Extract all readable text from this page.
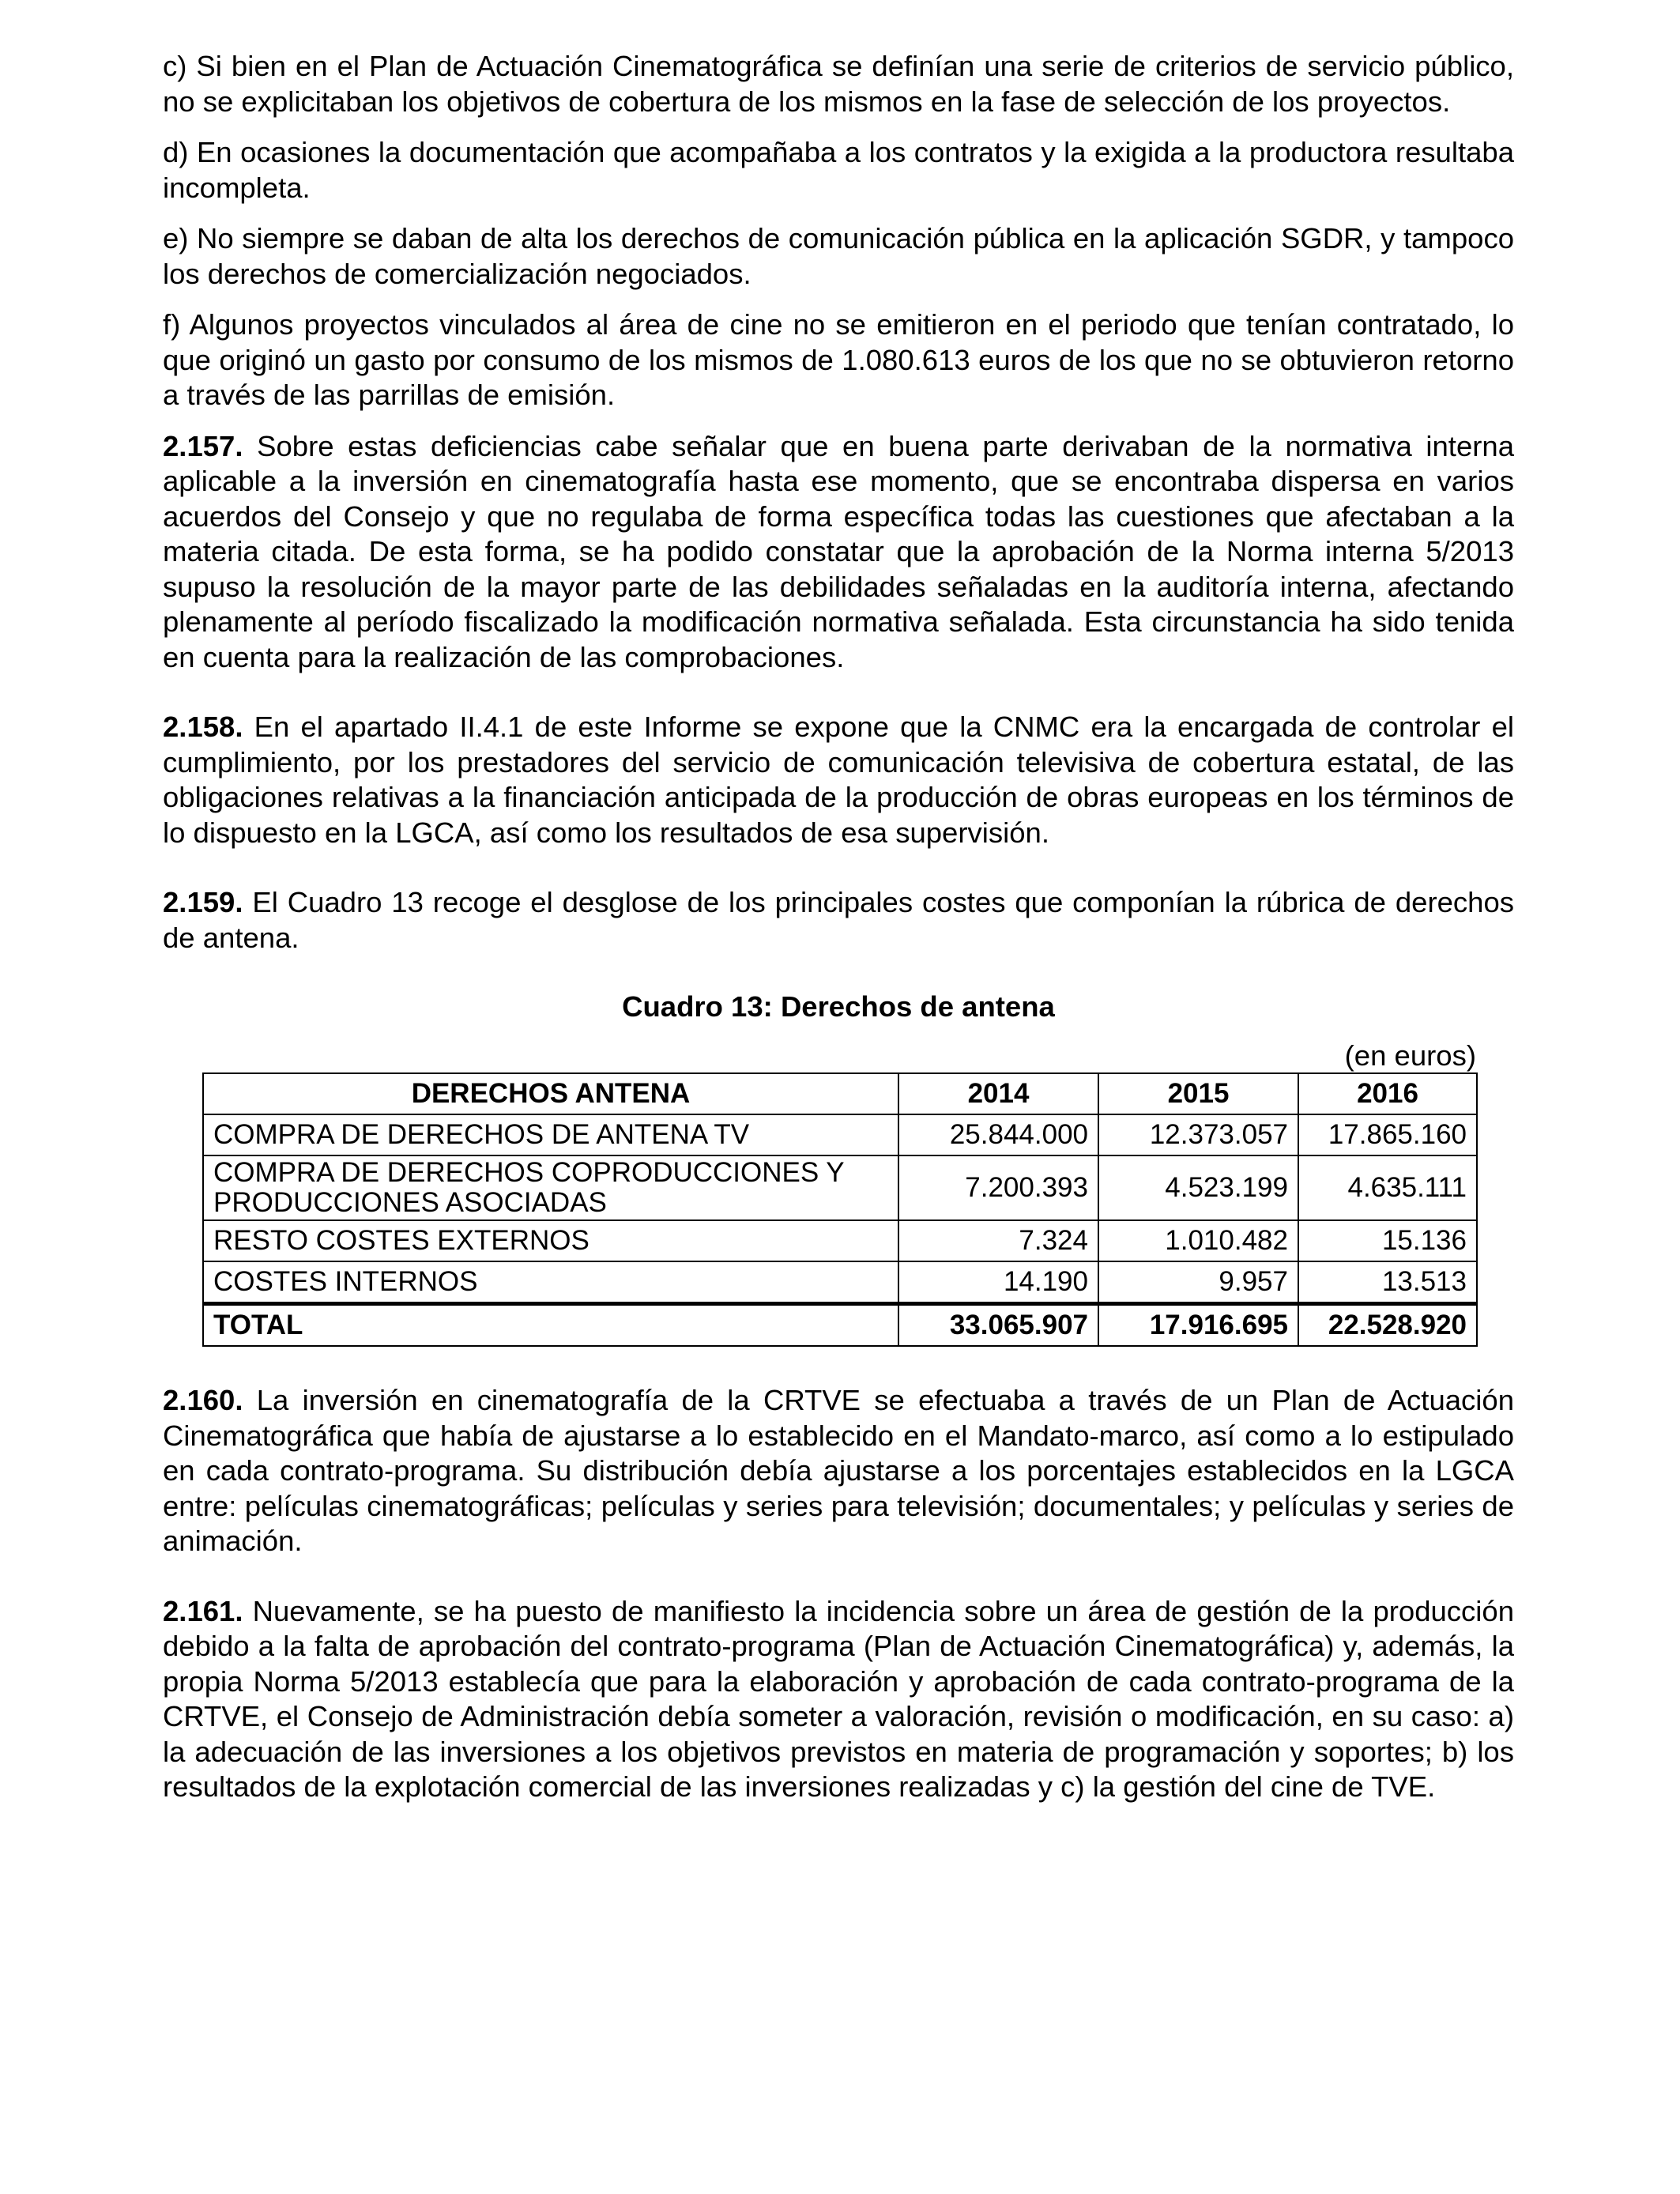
c) Si bien en el Plan de Actuación Cinematográfica se definían una serie de criterios de servicio público, no se explicitaban los objetivos de cobertura de los mismos en la fase de selección de los proyectos.

d) En ocasiones la documentación que acompañaba a los contratos y la exigida a la productora resultaba incompleta.

e) No siempre se daban de alta los derechos de comunicación pública en la aplicación SGDR, y tampoco los derechos de comercialización negociados.

f) Algunos proyectos vinculados al área de cine no se emitieron en el periodo que tenían contratado, lo que originó un gasto por consumo de los mismos de 1.080.613 euros de los que no se obtuvieron retorno a través de las parrillas de emisión.

2.157. Sobre estas deficiencias cabe señalar que en buena parte derivaban de la normativa interna aplicable a la inversión en cinematografía hasta ese momento, que se encontraba dispersa en varios acuerdos del Consejo y que no regulaba de forma específica todas las cuestiones que afectaban a la materia citada. De esta forma, se ha podido constatar que la aprobación de la Norma interna 5/2013 supuso la resolución de la mayor parte de las debilidades señaladas en la auditoría interna, afectando plenamente al período fiscalizado la modificación normativa señalada. Esta circunstancia ha sido tenida en cuenta para la realización de las comprobaciones.

2.158. En el apartado II.4.1 de este Informe se expone que la CNMC era la encargada de controlar el cumplimiento, por los prestadores del servicio de comunicación televisiva de cobertura estatal, de las obligaciones relativas a la financiación anticipada de la producción de obras europeas en los términos de lo dispuesto en la LGCA, así como los resultados de esa supervisión.

2.159. El Cuadro 13 recoge el desglose de los principales costes que componían la rúbrica de derechos de antena.

Cuadro 13: Derechos de antena

(en euros)

DERECHOS ANTENA	2014	2015	2016
COMPRA DE DERECHOS DE ANTENA TV	25.844.000	12.373.057	17.865.160
COMPRA DE DERECHOS COPRODUCCIONES Y PRODUCCIONES ASOCIADAS	7.200.393	4.523.199	4.635.111
RESTO COSTES EXTERNOS	7.324	1.010.482	15.136
COSTES INTERNOS	14.190	9.957	13.513
TOTAL	33.065.907	17.916.695	22.528.920

2.160. La inversión en cinematografía de la CRTVE se efectuaba a través de un Plan de Actuación Cinematográfica que había de ajustarse a lo establecido en el Mandato-marco, así como a lo estipulado en cada contrato-programa. Su distribución debía ajustarse a los porcentajes establecidos en la LGCA entre: películas cinematográficas; películas y series para televisión; documentales; y películas y series de animación.

2.161. Nuevamente, se ha puesto de manifiesto la incidencia sobre un área de gestión de la producción debido a la falta de aprobación del contrato-programa (Plan de Actuación Cinematográfica) y, además, la propia Norma 5/2013 establecía que para la elaboración y aprobación de cada contrato-programa de la CRTVE, el Consejo de Administración debía someter a valoración, revisión o modificación, en su caso: a) la adecuación de las inversiones a los objetivos previstos en materia de programación y soportes; b) los resultados de la explotación comercial de las inversiones realizadas y c) la gestión del cine de TVE.
